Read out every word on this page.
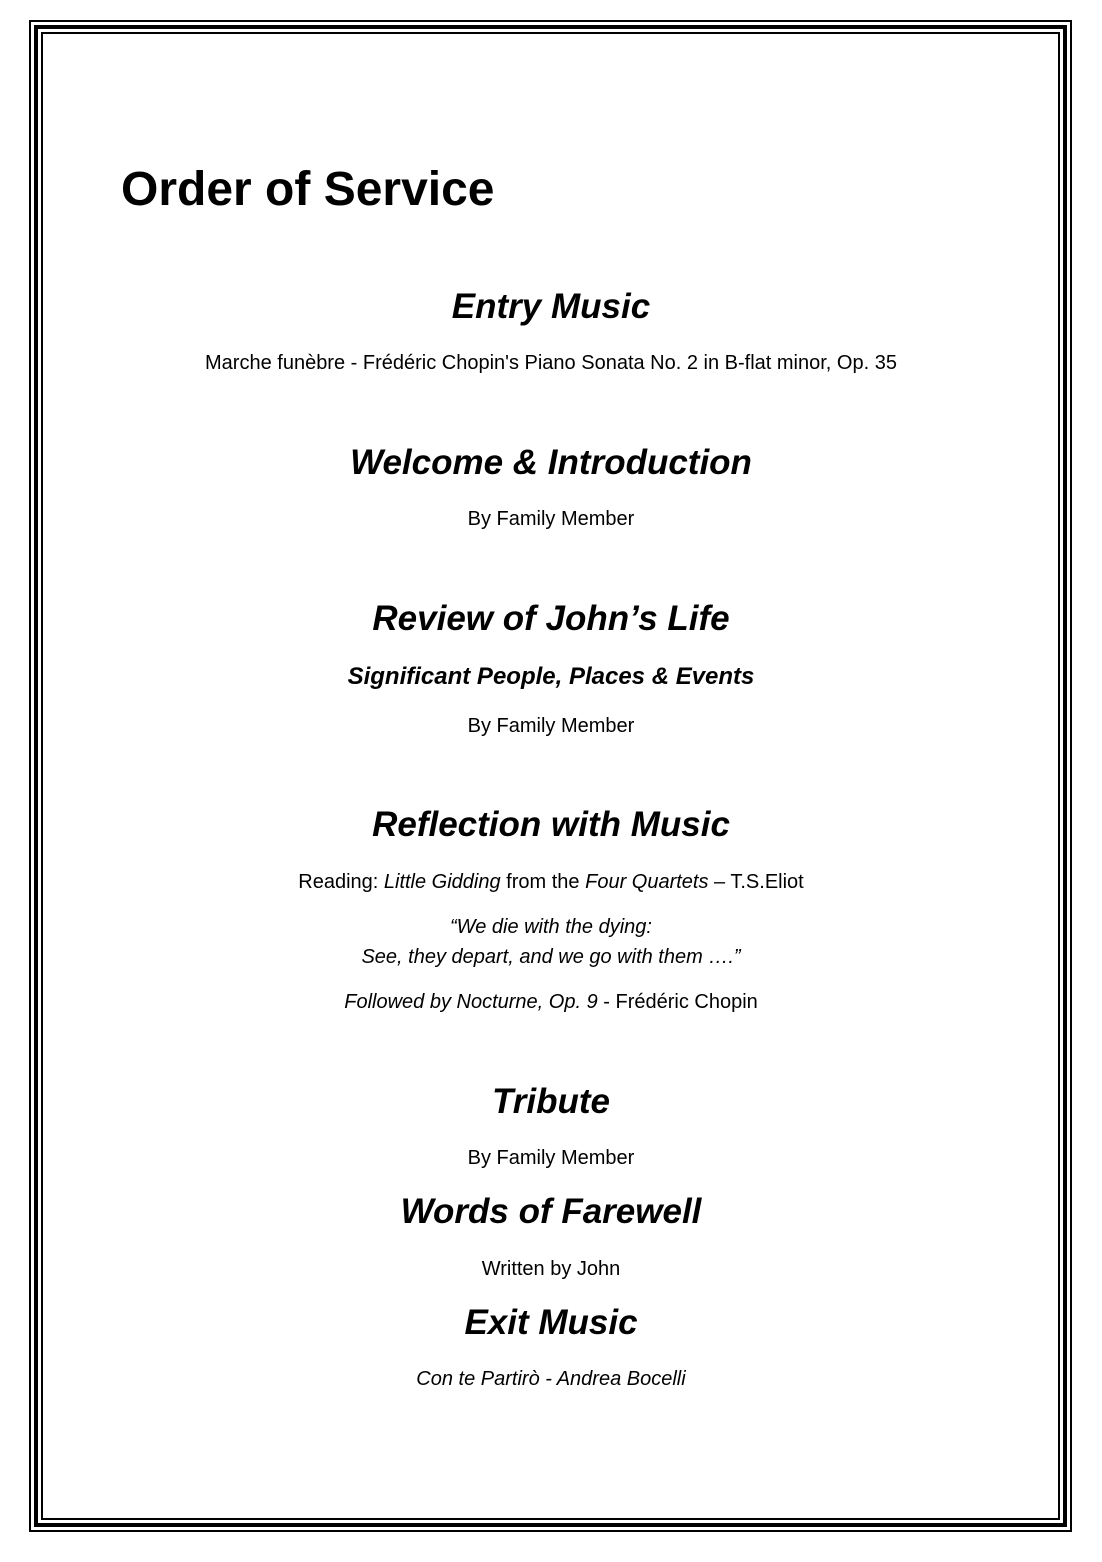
Order of Service
Entry Music

Marche funèbre - Frédéric Chopin's Piano Sonata No. 2 in B-flat minor, Op. 35

Welcome & Introduction

By Family Member

Review of John’s Life

Significant People, Places & Events

By Family Member

Reflection with Music

Reading: Little Gidding from the Four Quartets – T.S.Eliot

“We die with the dying:

See, they depart, and we go with them ….”

Followed by Nocturne, Op. 9 - Frédéric Chopin

Tribute

By Family Member

Words of Farewell

Written by John

Exit Music

Con te Partirò - Andrea Bocelli
